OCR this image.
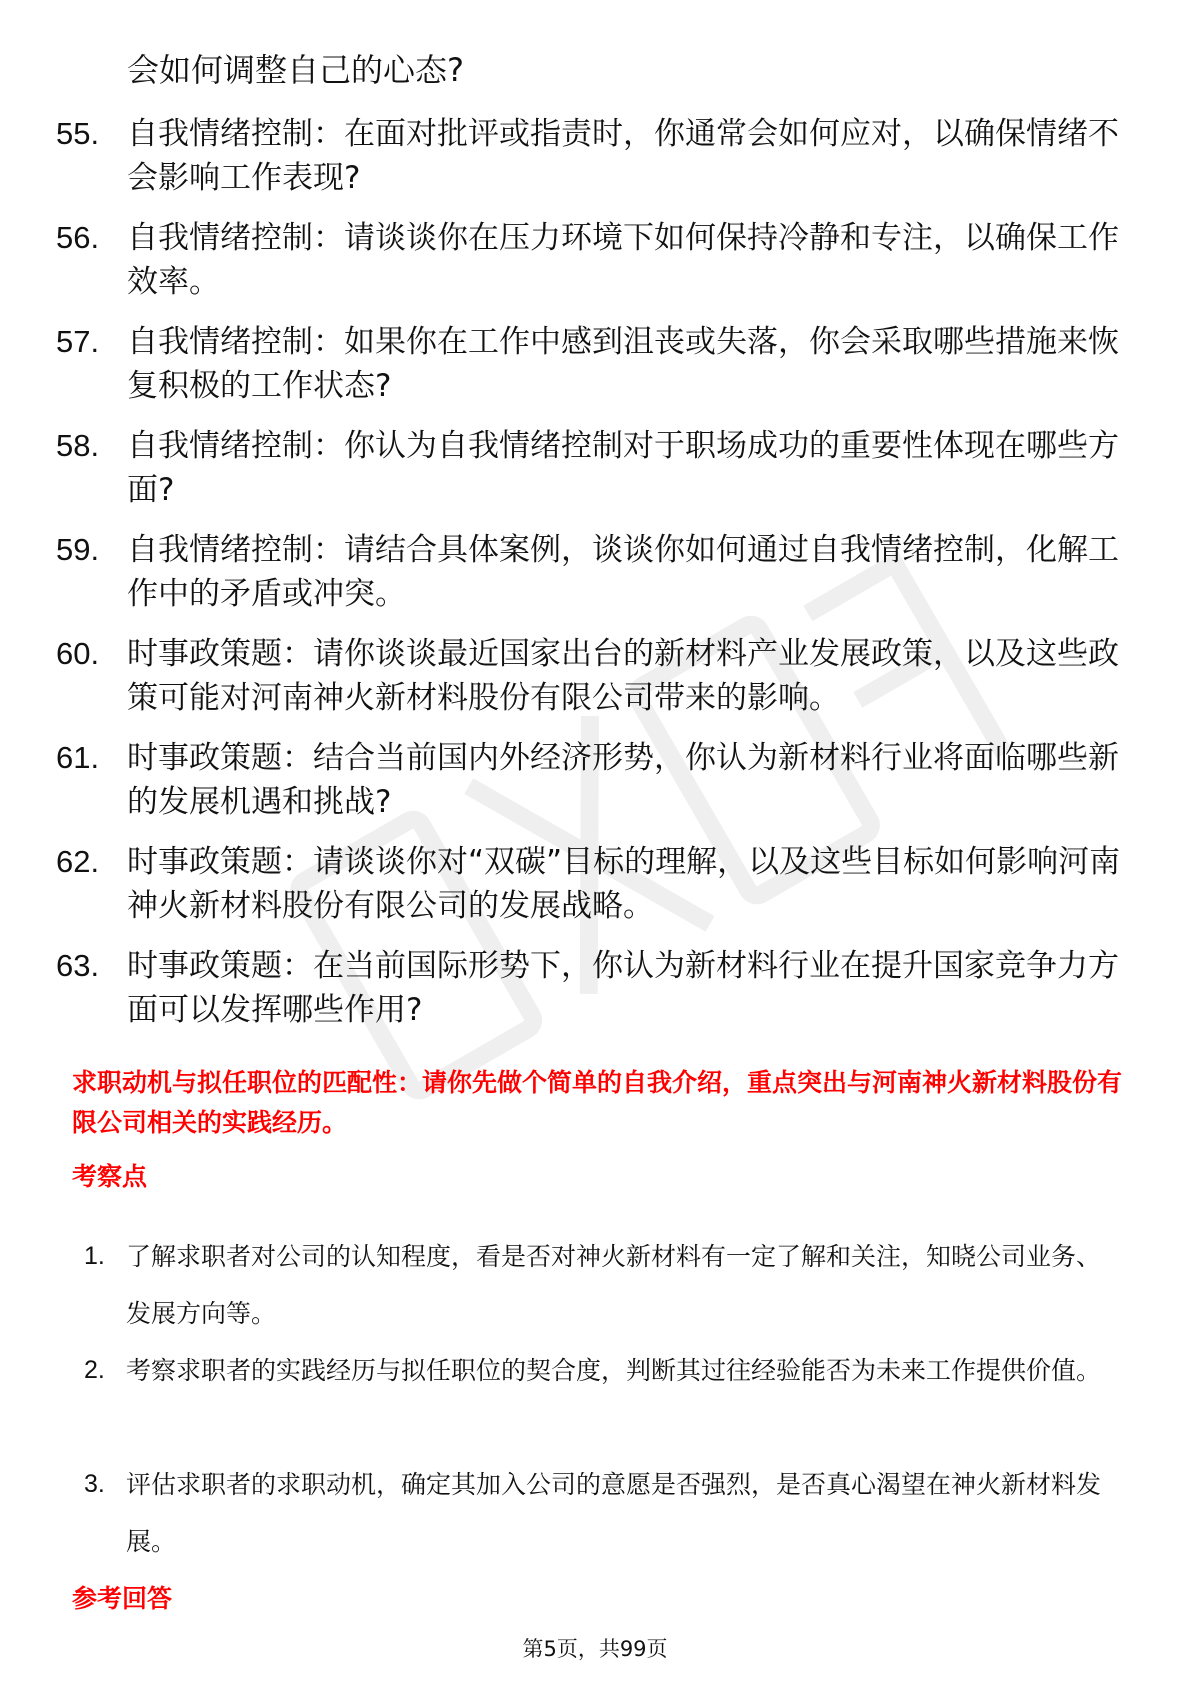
会如何调整自己的心态?

55. 自我情绪控制：在面对批评或指责时，你通常会如何应对，以确保情绪不会影响工作表现?

56. 自我情绪控制：请谈谈你在压力环境下如何保持冷静和专注，以确保工作效率。

57. 自我情绪控制：如果你在工作中感到沮丧或失落，你会采取哪些措施来恢复积极的工作状态?

58. 自我情绪控制：你认为自我情绪控制对于职场成功的重要性体现在哪些方面?

59. 自我情绪控制：请结合具体案例，谈谈你如何通过自我情绪控制，化解工作中的矛盾或冲突。

60. 时事政策题：请你谈谈最近国家出台的新材料产业发展政策，以及这些政策可能对河南神火新材料股份有限公司带来的影响。

61. 时事政策题：结合当前国内外经济形势，你认为新材料行业将面临哪些新的发展机遇和挑战?

62. 时事政策题：请谈谈你对“双碳”目标的理解，以及这些目标如何影响河南神火新材料股份有限公司的发展战略。

63. 时事政策题：在当前国际形势下，你认为新材料行业在提升国家竞争力方面可以发挥哪些作用?

求职动机与拟任职位的匹配性：请你先做个简单的自我介绍，重点突出与河南神火新材料股份有限公司相关的实践经历。
考察点
1. 了解求职者对公司的认知程度，看是否对神火新材料有一定了解和关注，知晓公司业务、发展方向等。

2. 考察求职者的实践经历与拟任职位的契合度，判断其过往经验能否为未来工作提供价值。

3. 评估求职者的求职动机，确定其加入公司的意愿是否强烈，是否真心渴望在神火新材料发展。

参考回答
第5页，共99页
